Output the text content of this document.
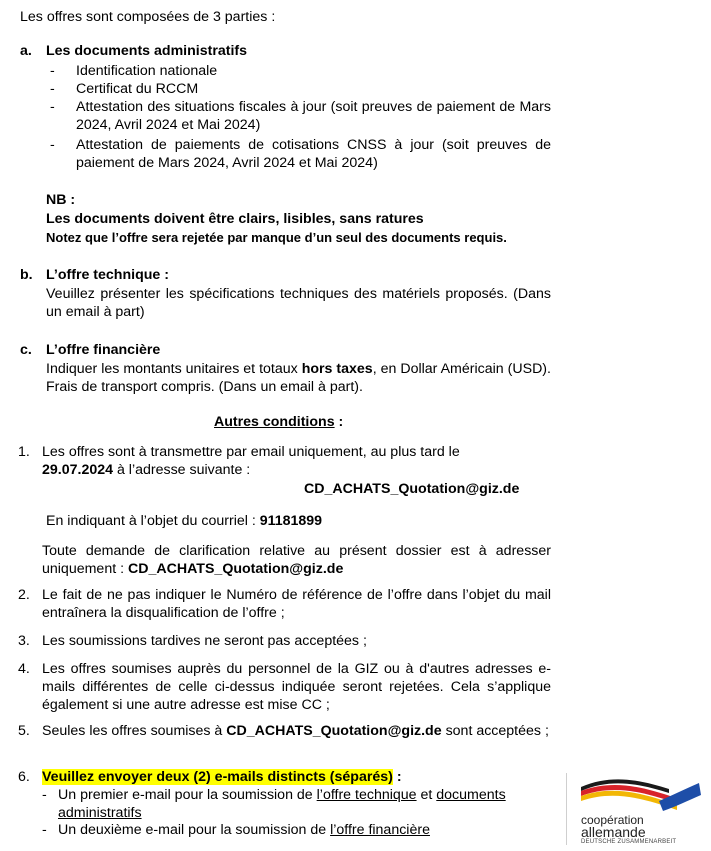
Les offres sont composées de 3 parties :
a. Les documents administratifs
- Identification nationale
- Certificat du RCCM
- Attestation des situations fiscales à jour (soit preuves de paiement de Mars 2024, Avril 2024 et Mai 2024)
- Attestation de paiements de cotisations CNSS à jour (soit preuves de paiement de Mars 2024, Avril 2024 et Mai 2024)
NB :
Les documents doivent être clairs, lisibles, sans ratures
Notez que l’offre sera rejetée par manque d’un seul des documents requis.
b. L’offre technique :
Veuillez présenter les spécifications techniques des matériels proposés. (Dans un email à part)
c. L’offre financière
Indiquer les montants unitaires et totaux hors taxes, en Dollar Américain (USD). Frais de transport compris. (Dans un email à part).
Autres conditions :
1. Les offres sont à transmettre par email uniquement, au plus tard le
29.07.2024 à l’adresse suivante :
CD_ACHATS_Quotation@giz.de
En indiquant à l’objet du courriel : 91181899
Toute demande de clarification relative au présent dossier est à adresser uniquement : CD_ACHATS_Quotation@giz.de
2. Le fait de ne pas indiquer le Numéro de référence de l’offre dans l’objet du mail entraînera la disqualification de l’offre ;
3. Les soumissions tardives ne seront pas acceptées ;
4. Les offres soumises auprès du personnel de la GIZ ou à d'autres adresses e-mails différentes de celle ci-dessus indiquée seront rejetées. Cela s’applique également si une autre adresse est mise CC ;
5. Seules les offres soumises à CD_ACHATS_Quotation@giz.de sont acceptées ;
6. Veuillez envoyer deux (2) e-mails distincts (séparés) :
- Un premier e-mail pour la soumission de l’offre technique et documents administratifs
- Un deuxième e-mail pour la soumission de l’offre financière
coopération
allemande
DEUTSCHE ZUSAMMENARBEIT
